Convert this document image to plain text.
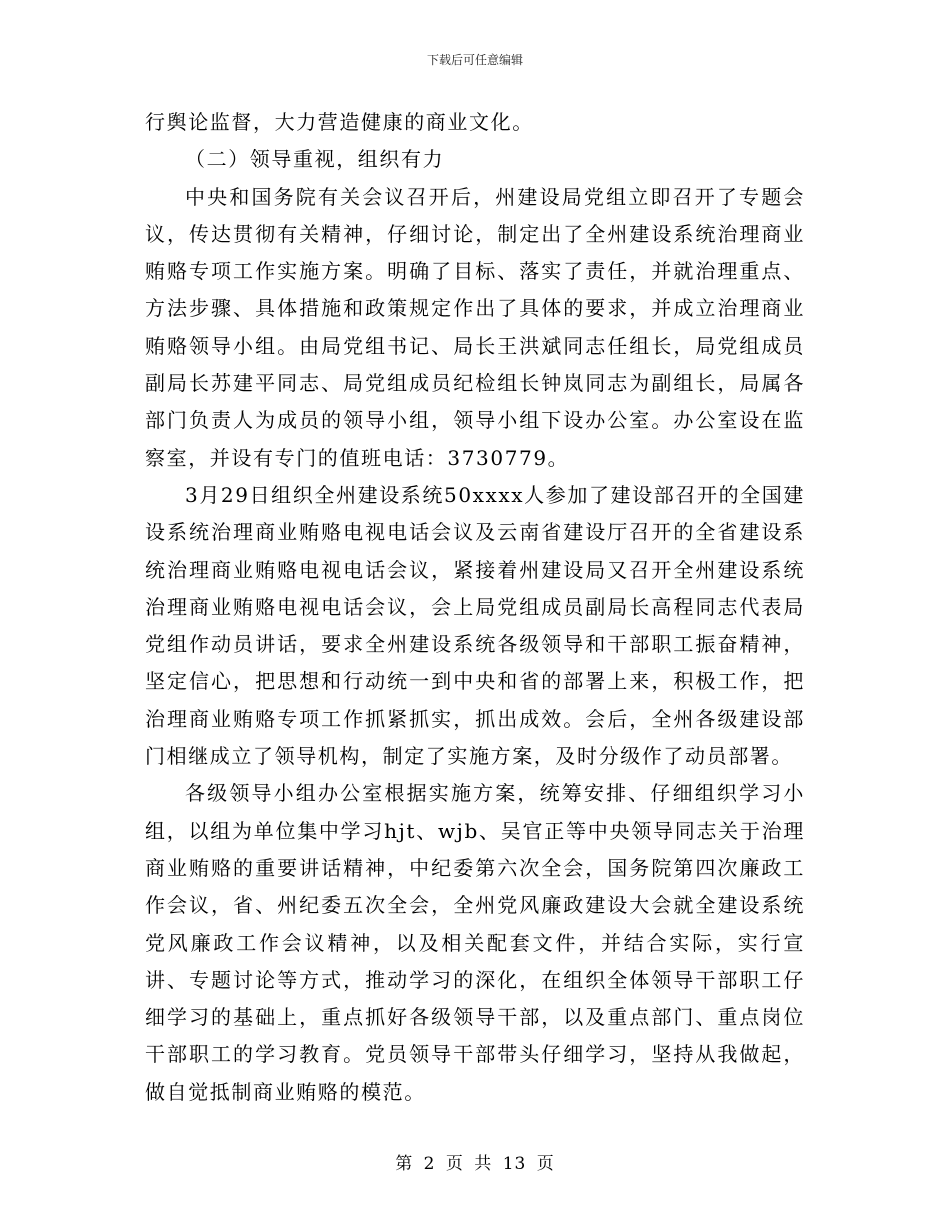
下载后可任意编辑

行舆论监督，大力营造健康的商业文化。

（二）领导重视，组织有力

中央和国务院有关会议召开后，州建设局党组立即召开了专题会议，传达贯彻有关精神，仔细讨论，制定出了全州建设系统治理商业贿赂专项工作实施方案。明确了目标、落实了责任，并就治理重点、方法步骤、具体措施和政策规定作出了具体的要求，并成立治理商业贿赂领导小组。由局党组书记、局长王洪斌同志任组长，局党组成员副局长苏建平同志、局党组成员纪检组长钟岚同志为副组长，局属各部门负责人为成员的领导小组，领导小组下设办公室。办公室设在监察室，并设有专门的值班电话：3730779。

3月29日组织全州建设系统50xxxx人参加了建设部召开的全国建设系统治理商业贿赂电视电话会议及云南省建设厅召开的全省建设系统治理商业贿赂电视电话会议，紧接着州建设局又召开全州建设系统治理商业贿赂电视电话会议，会上局党组成员副局长高程同志代表局党组作动员讲话，要求全州建设系统各级领导和干部职工振奋精神，坚定信心，把思想和行动统一到中央和省的部署上来，积极工作，把治理商业贿赂专项工作抓紧抓实，抓出成效。会后，全州各级建设部门相继成立了领导机构，制定了实施方案，及时分级作了动员部署。

各级领导小组办公室根据实施方案，统筹安排、仔细组织学习小组，以组为单位集中学习hjt、wjb、吴官正等中央领导同志关于治理商业贿赂的重要讲话精神，中纪委第六次全会，国务院第四次廉政工作会议，省、州纪委五次全会，全州党风廉政建设大会就全建设系统党风廉政工作会议精神，以及相关配套文件，并结合实际，实行宣讲、专题讨论等方式，推动学习的深化，在组织全体领导干部职工仔细学习的基础上，重点抓好各级领导干部，以及重点部门、重点岗位干部职工的学习教育。党员领导干部带头仔细学习，坚持从我做起，做自觉抵制商业贿赂的模范。

第 2 页 共 13 页
